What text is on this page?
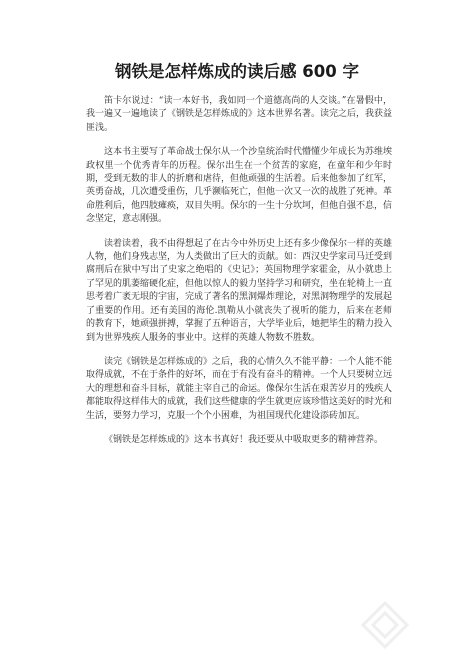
钢铁是怎样炼成的读后感 600 字

笛卡尔说过：“读一本好书，我如同一个道德高尚的人交谈。”在暑假中，我一遍又一遍地读了《钢铁是怎样炼成的》这本世界名著。读完之后，我获益匪浅。

这本书主要写了革命战士保尔从一个沙皇统治时代懵懂少年成长为苏维埃政权里一个优秀青年的历程。保尔出生在一个贫苦的家庭，在童年和少年时期，受到无数的非人的折磨和虐待，但他顽强的生活着。后来他参加了红军，英勇奋战，几次遭受重伤，几乎濒临死亡，但他一次又一次的战胜了死神。革命胜利后，他四肢瘫痪，双目失明。保尔的一生十分坎坷，但他自强不息，信念坚定，意志刚强。

读着读着，我不由得想起了在古今中外历史上还有多少像保尔一样的英雄人物，他们身残志坚，为人类做出了巨大的贡献。如：西汉史学家司马迁受到腐刑后在狱中写出了史家之绝唱的《史记》；英国物理学家霍金，从小就患上了罕见的肌萎缩硬化症，但他以惊人的毅力坚持学习和研究，坐在轮椅上一直思考着广袤无垠的宇宙，完成了著名的黑洞爆炸理论，对黑洞物理学的发展起了重要的作用。还有美国的海伦.凯勒从小就丧失了视听的能力，后来在老师的教育下，她顽强拼搏，掌握了五种语言，大学毕业后，她把毕生的精力投入到为世界残疾人服务的事业中。这样的英雄人物数不胜数。

读完《钢铁是怎样炼成的》之后，我的心情久久不能平静：一个人能不能取得成就，不在于条件的好坏，而在于有没有奋斗的精神。一个人只要树立远大的理想和奋斗目标，就能主宰自己的命运。像保尔生活在艰苦岁月的残疾人都能取得这样伟大的成就，我们这些健康的学生就更应该珍惜这美好的时光和生活，要努力学习，克服一个个小困难，为祖国现代化建设添砖加瓦。

《钢铁是怎样炼成的》这本书真好！我还要从中吸取更多的精神营养。
